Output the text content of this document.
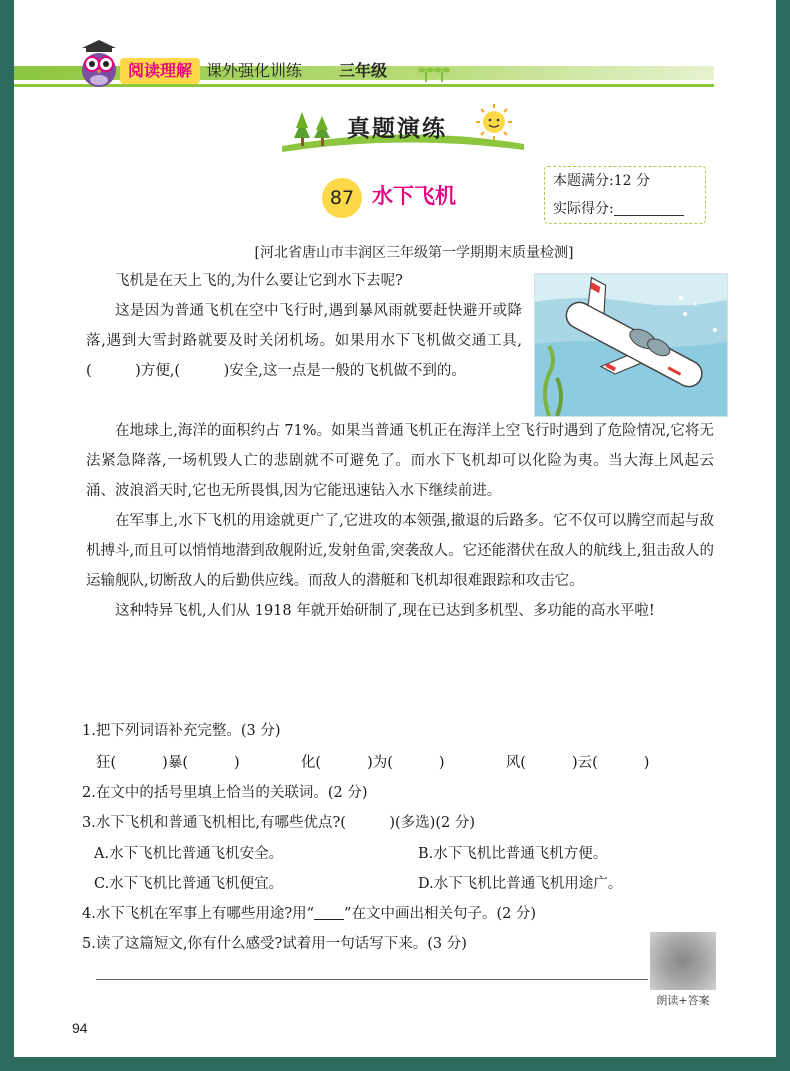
阅读理解 课外强化训练 三年级
真题演练
87 水下飞机
本题满分:12 分
实际得分:
[河北省唐山市丰润区三年级第一学期期末质量检测]

飞机是在天上飞的,为什么要让它到水下去呢?

这是因为普通飞机在空中飞行时,遇到暴风雨就要赶快避开或降落,遇到大雪封路就要及时关闭机场。如果用水下飞机做交通工具,(　　　)方便,(　　　)安全,这一点是一般的飞机做不到的。

在地球上,海洋的面积约占 71%。如果当普通飞机正在海洋上空飞行时遇到了危险情况,它将无法紧急降落,一场机毁人亡的悲剧就不可避免了。而水下飞机却可以化险为夷。当大海上风起云涌、波浪滔天时,它也无所畏惧,因为它能迅速钻入水下继续前进。

在军事上,水下飞机的用途就更广了,它进攻的本领强,撤退的后路多。它不仅可以腾空而起与敌机搏斗,而且可以悄悄地潜到敌舰附近,发射鱼雷,突袭敌人。它还能潜伏在敌人的航线上,狙击敌人的运输舰队,切断敌人的后勤供应线。而敌人的潜艇和飞机却很难跟踪和攻击它。

这种特异飞机,人们从 1918 年就开始研制了,现在已达到多机型、多功能的高水平啦!

1.把下列词语补充完整。(3 分)
狂(	)暴(	)	化(	)为(	)	风(	)云(	)
2.在文中的括号里填上恰当的关联词。(2 分)
3.水下飞机和普通飞机相比,有哪些优点?(　　　)(多选)(2 分)
A.水下飞机比普通飞机安全。	B.水下飞机比普通飞机方便。
C.水下飞机比普通飞机便宜。	D.水下飞机比普通飞机用途广。
4.水下飞机在军事上有哪些用途?用“ ”在文中画出相关句子。(2 分)
5.读了这篇短文,你有什么感受?试着用一句话写下来。(3 分)
朗读+答案
94
